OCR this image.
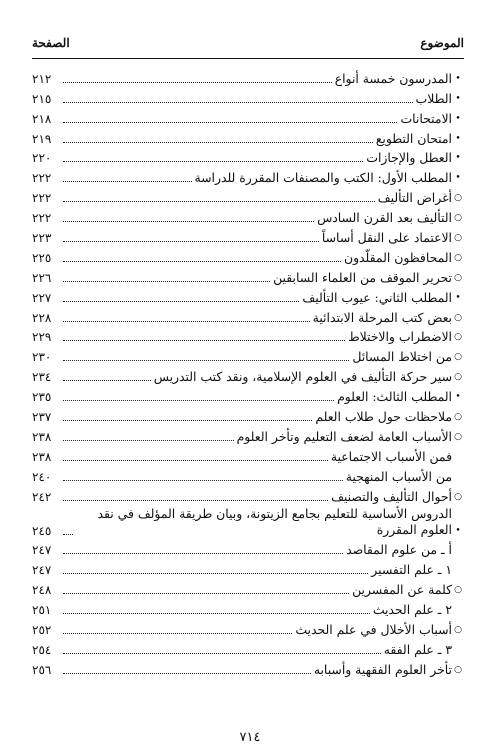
الموضوع
الصفحة
•
المدرسون خمسة أنواع
٢١٢
•
الطلاب
٢١٥
•
الامتحانات
٢١٨
•
امتحان التطويع
٢١٩
•
العطل والإجازات
٢٢٠
•
المطلب الأول: الكتب والمصنفات المقررة للدراسة
٢٢٢
○
أغراض التأليف
٢٢٢
○
التأليف بعد القرن السادس
٢٢٢
○
الاعتماد على النقل أساساً
٢٢٣
○
المحافظون المقلّدون
٢٢٥
○
تحرير الموقف من العلماء السابقين
٢٢٦
•
المطلب الثاني: عيوب التأليف
٢٢٧
○
بعض كتب المرحلة الابتدائية
٢٢٨
○
الاضطراب والاختلاط
٢٢٩
○
من اختلاط المسائل
٢٣٠
○
سير حركة التأليف في العلوم الإسلامية، ونقد كتب التدريس
٢٣٤
•
المطلب الثالث: العلوم
٢٣٥
○
ملاحظات حول طلاب العلم
٢٣٧
○
الأسباب العامة لضعف التعليم وتأخر العلوم
٢٣٨
فمن الأسباب الاجتماعية
٢٣٨
من الأسباب المنهجية
٢٤٠
○
أحوال التأليف والتصنيف
٢٤٢
•
الدروس الأساسية للتعليم بجامع الزيتونة، وبيان طريقة المؤلف في نقد العلوم المقررة
٢٤٥
أ ـ من علوم المقاصد
٢٤٧
١ ـ علم التفسير
٢٤٧
○
كلمة عن المفسرين
٢٤٨
٢ ـ علم الحديث
٢٥١
○
أسباب الأخلال في علم الحديث
٢٥٢
٣ ـ علم الفقه
٢٥٤
○
تأخر العلوم الفقهية وأسبابه
٢٥٦
٧١٤
